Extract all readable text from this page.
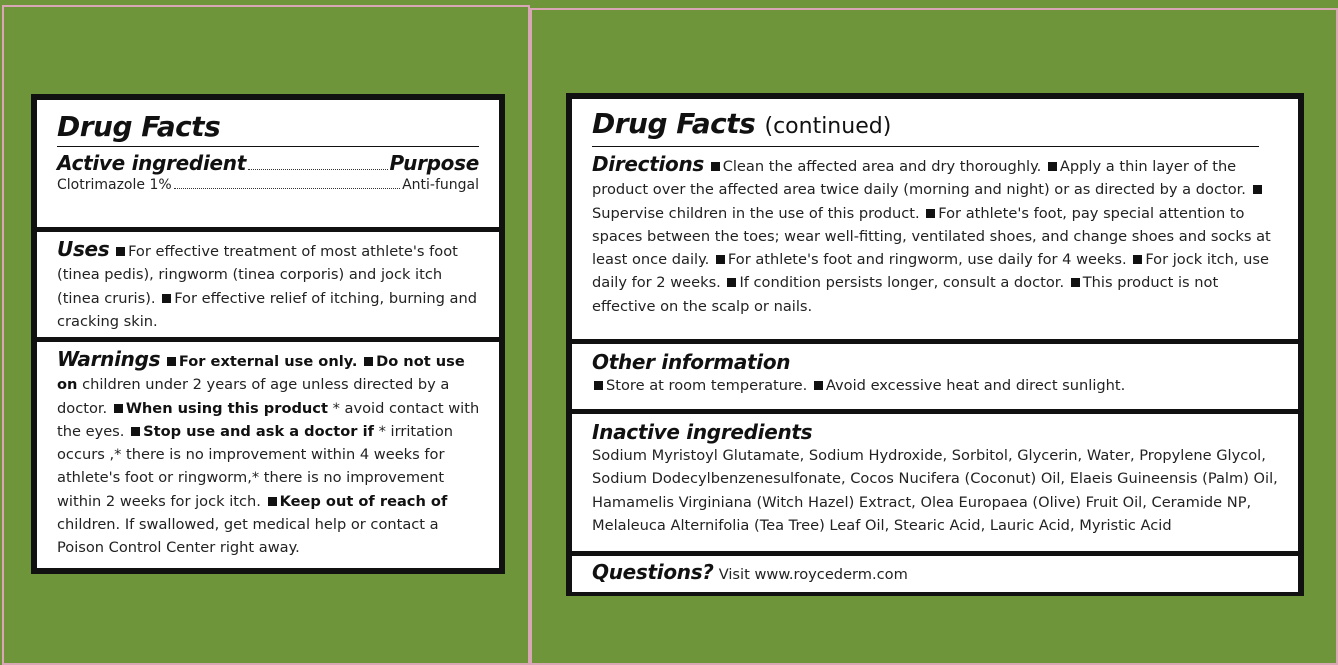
Drug Facts
Active ingredient	Purpose
Clotrimazole 1%	Anti-fungal
Uses For effective treatment of most athlete's foot (tinea pedis), ringworm (tinea corporis) and jock itch (tinea cruris). For effective relief of itching, burning and cracking skin.
Warnings For external use only. Do not use on children under 2 years of age unless directed by a doctor. When using this product * avoid contact with the eyes. Stop use and ask a doctor if * irritation occurs ,* there is no improvement within 4 weeks for athlete's foot or ringworm,* there is no improvement within 2 weeks for jock itch. Keep out of reach of children. If swallowed, get medical help or contact a Poison Control Center right away.
Drug Facts (continued)
Directions Clean the affected area and dry thoroughly. Apply a thin layer of the product over the affected area twice daily (morning and night) or as directed by a doctor. Supervise children in the use of this product. For athlete's foot, pay special attention to spaces between the toes; wear well-fitting, ventilated shoes, and change shoes and socks at least once daily. For athlete's foot and ringworm, use daily for 4 weeks. For jock itch, use daily for 2 weeks. If condition persists longer, consult a doctor. This product is not effective on the scalp or nails.
Other information
Store at room temperature. Avoid excessive heat and direct sunlight.
Inactive ingredients
Sodium Myristoyl Glutamate, Sodium Hydroxide, Sorbitol, Glycerin, Water, Propylene Glycol, Sodium Dodecylbenzenesulfonate, Cocos Nucifera (Coconut) Oil, Elaeis Guineensis (Palm) Oil, Hamamelis Virginiana (Witch Hazel) Extract, Olea Europaea (Olive) Fruit Oil, Ceramide NP, Melaleuca Alternifolia (Tea Tree) Leaf Oil, Stearic Acid, Lauric Acid, Myristic Acid
Questions? Visit www.roycederm.com
